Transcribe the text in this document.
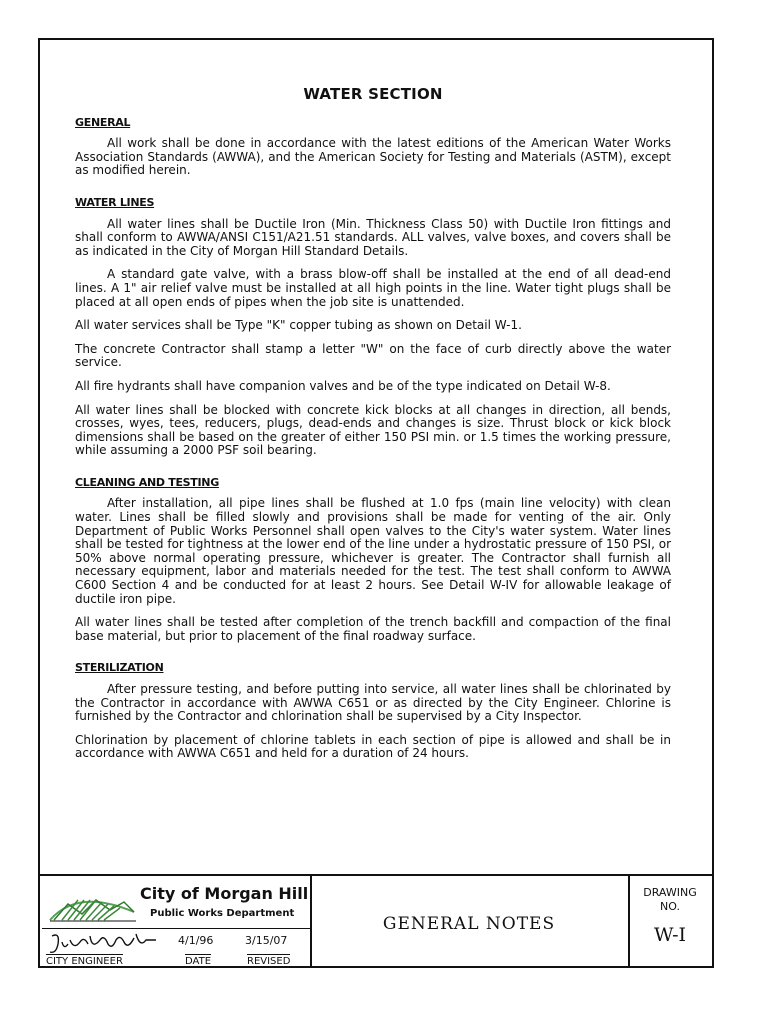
WATER SECTION
GENERAL

All work shall be done in accordance with the latest editions of the American Water Works Association Standards (AWWA), and the American Society for Testing and Materials (ASTM), except as modified herein.

WATER LINES

All water lines shall be Ductile Iron (Min. Thickness Class 50) with Ductile Iron fittings and shall conform to AWWA/ANSI C151/A21.51 standards. ALL valves, valve boxes, and covers shall be as indicated in the City of Morgan Hill Standard Details.

A standard gate valve, with a brass blow-off shall be installed at the end of all dead-end lines. A 1" air relief valve must be installed at all high points in the line. Water tight plugs shall be placed at all open ends of pipes when the job site is unattended.

All water services shall be Type "K" copper tubing as shown on Detail W-1.

The concrete Contractor shall stamp a letter "W" on the face of curb directly above the water service.

All fire hydrants shall have companion valves and be of the type indicated on Detail W-8.

All water lines shall be blocked with concrete kick blocks at all changes in direction, all bends, crosses, wyes, tees, reducers, plugs, dead-ends and changes is size. Thrust block or kick block dimensions shall be based on the greater of either 150 PSI min. or 1.5 times the working pressure, while assuming a 2000 PSF soil bearing.

CLEANING AND TESTING

After installation, all pipe lines shall be flushed at 1.0 fps (main line velocity) with clean water. Lines shall be filled slowly and provisions shall be made for venting of the air. Only Department of Public Works Personnel shall open valves to the City's water system. Water lines shall be tested for tightness at the lower end of the line under a hydrostatic pressure of 150 PSI, or 50% above normal operating pressure, whichever is greater. The Contractor shall furnish all necessary equipment, labor and materials needed for the test. The test shall conform to AWWA C600 Section 4 and be conducted for at least 2 hours. See Detail W-IV for allowable leakage of ductile iron pipe.

All water lines shall be tested after completion of the trench backfill and compaction of the final base material, but prior to placement of the final roadway surface.

STERILIZATION

After pressure testing, and before putting into service, all water lines shall be chlorinated by the Contractor in accordance with AWWA C651 or as directed by the City Engineer. Chlorine is furnished by the Contractor and chlorination shall be supervised by a City Inspector.

Chlorination by placement of chlorine tablets in each section of pipe is allowed and shall be in accordance with AWWA C651 and held for a duration of 24 hours.

City of Morgan Hill
Public Works Department
CITY ENGINEER
4/1/96
DATE
3/15/07
REVISED
GENERAL NOTES
DRAWING
NO.
W-I
